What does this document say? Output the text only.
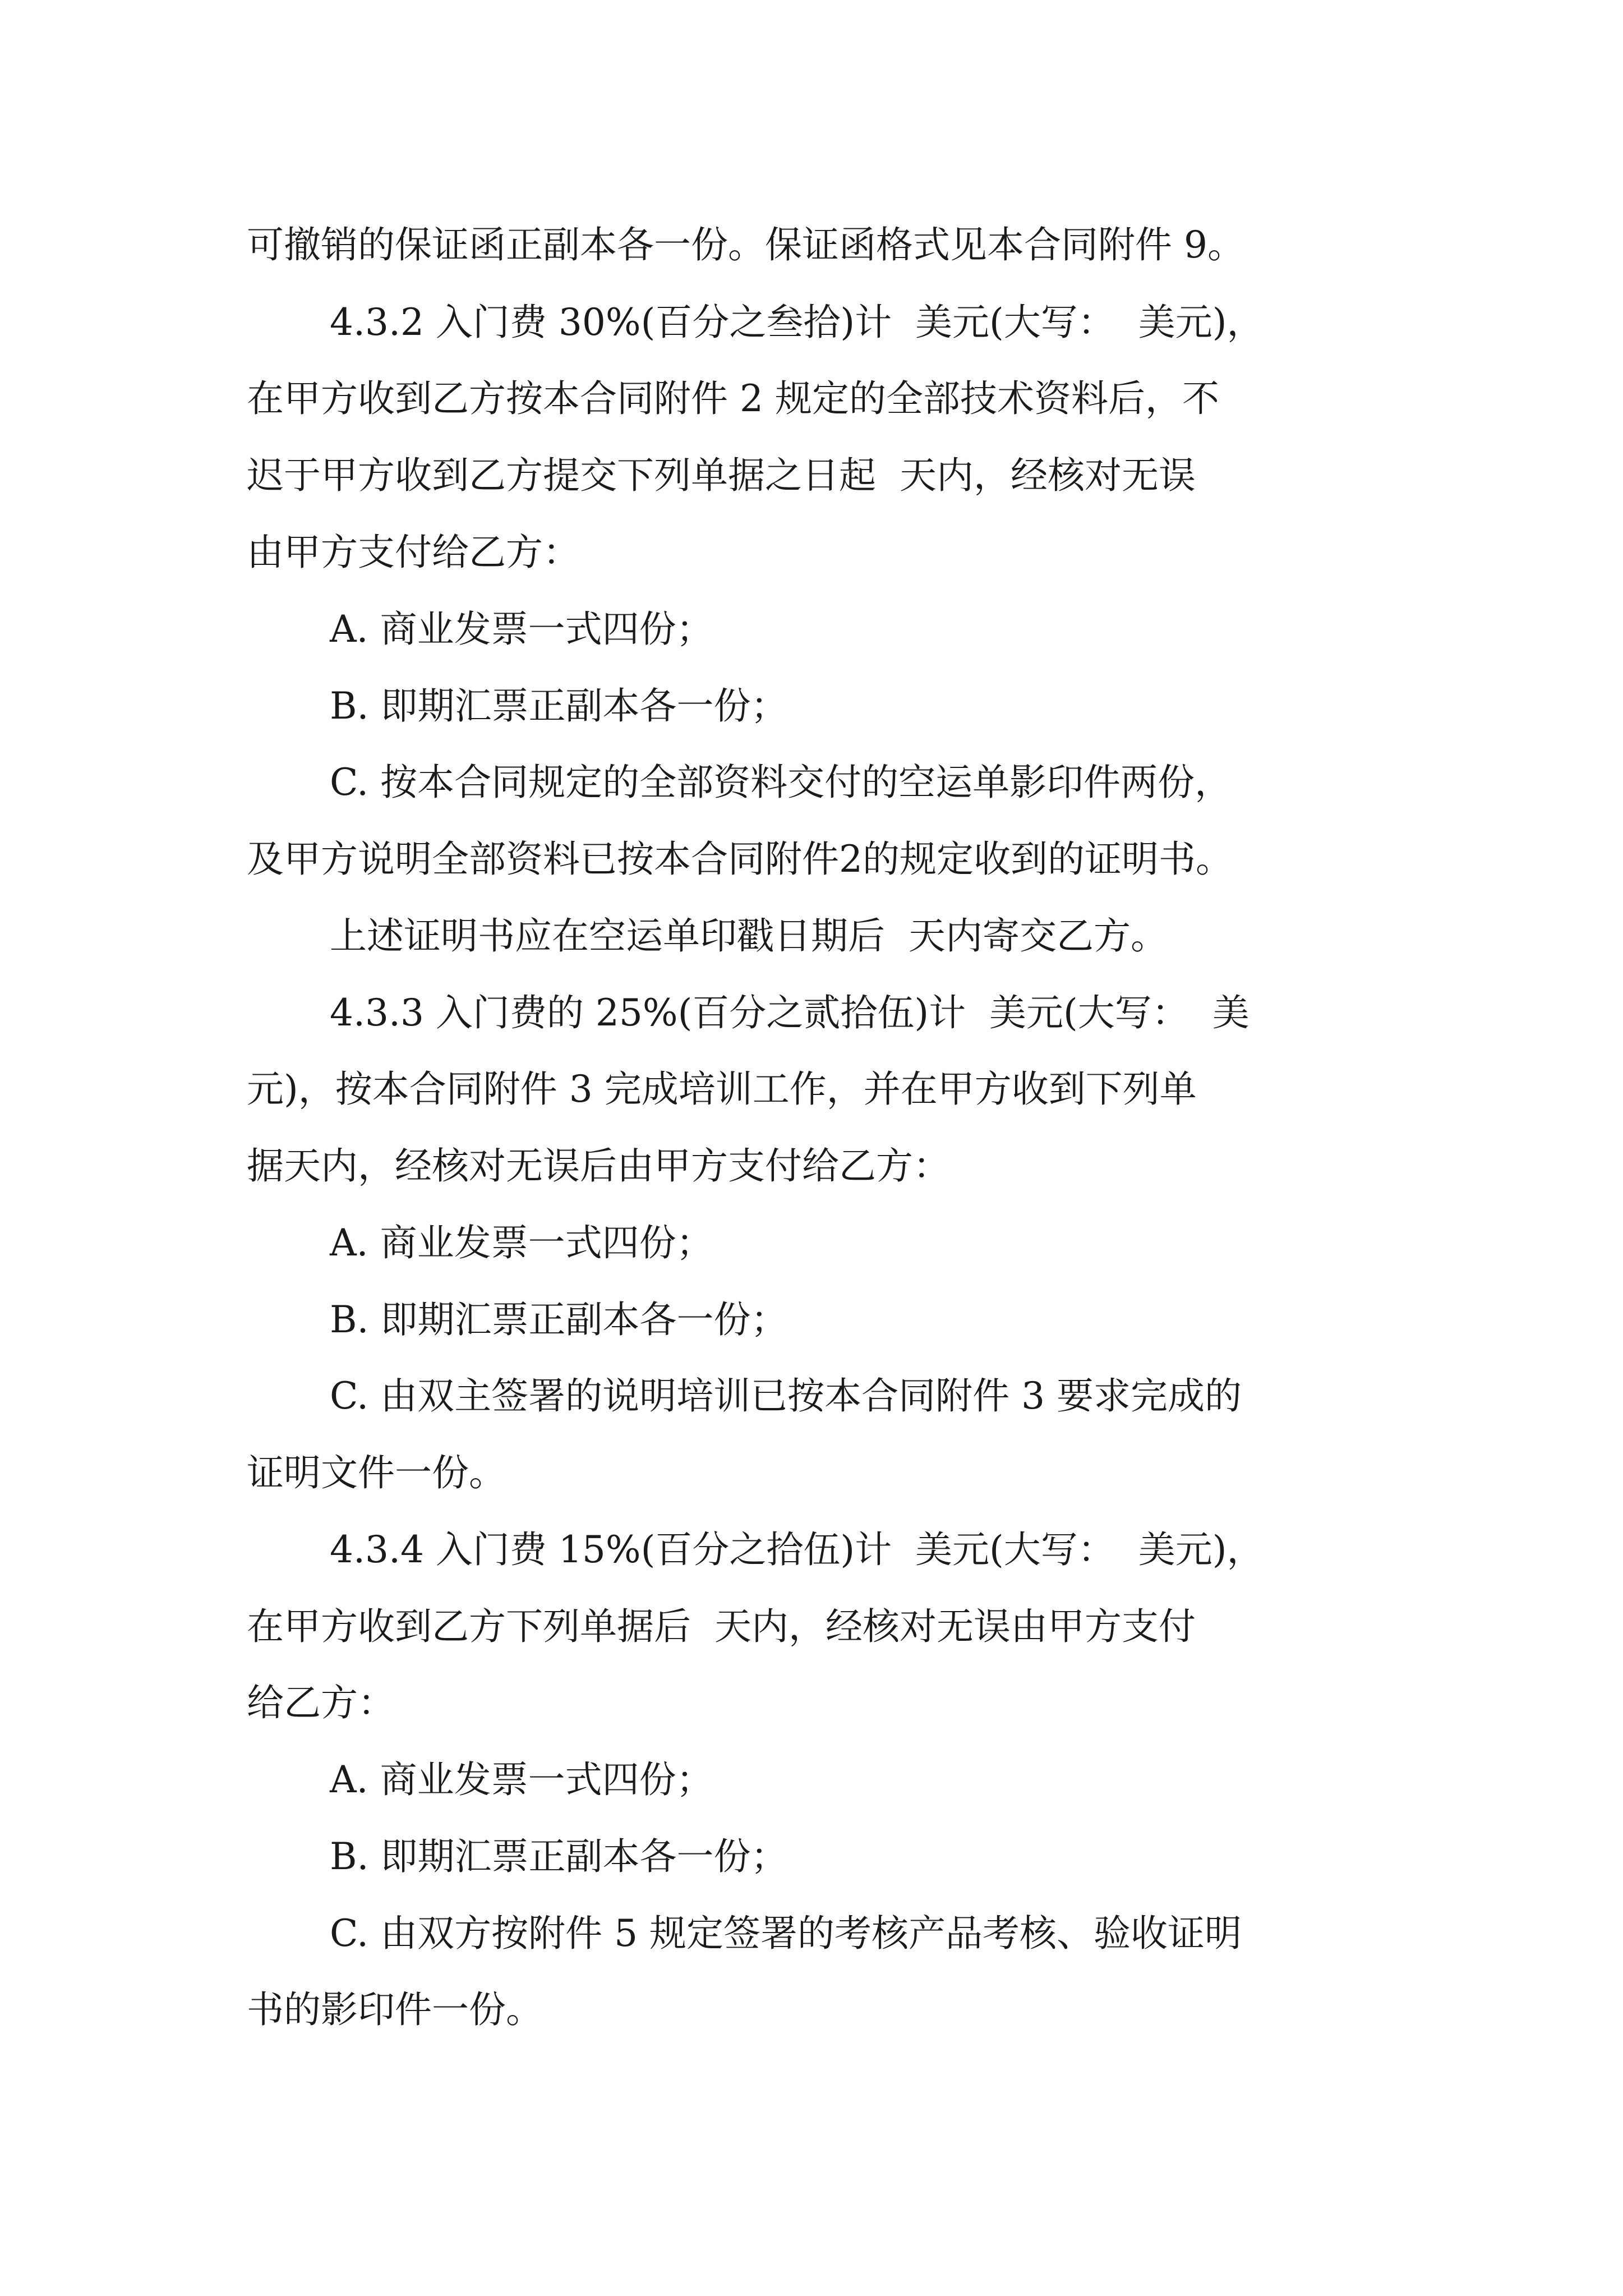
可撤销的保证函正副本各一份。保证函格式见本合同附件 9。

4.3.2 入门费 30%(百分之叁拾)计  美元(大写：  美元)，

在甲方收到乙方按本合同附件 2 规定的全部技术资料后，不

迟于甲方收到乙方提交下列单据之日起  天内，经核对无误

由甲方支付给乙方：

A. 商业发票一式四份；

B. 即期汇票正副本各一份；

C. 按本合同规定的全部资料交付的空运单影印件两份，

及甲方说明全部资料已按本合同附件2的规定收到的证明书。

上述证明书应在空运单印戳日期后  天内寄交乙方。

4.3.3 入门费的 25%(百分之贰拾伍)计  美元(大写：  美

元)，按本合同附件 3 完成培训工作，并在甲方收到下列单

据天内，经核对无误后由甲方支付给乙方：

A. 商业发票一式四份；

B. 即期汇票正副本各一份；

C. 由双主签署的说明培训已按本合同附件 3 要求完成的

证明文件一份。

4.3.4 入门费 15%(百分之拾伍)计  美元(大写：  美元)，

在甲方收到乙方下列单据后  天内，经核对无误由甲方支付

给乙方：

A. 商业发票一式四份；

B. 即期汇票正副本各一份；

C. 由双方按附件 5 规定签署的考核产品考核、验收证明

书的影印件一份。
